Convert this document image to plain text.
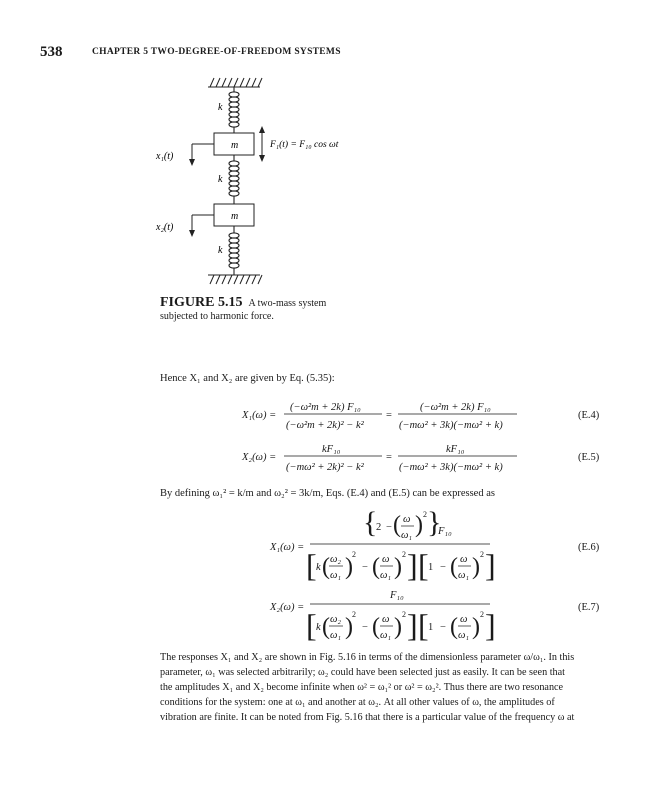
538	CHAPTER 5 TWO-DEGREE-OF-FREEDOM SYSTEMS
k
m
x₁(t)
F₁(t) = F₁₀ cos ωt
k
m
x₂(t)
k
FIGURE 5.15 A two-mass system
subjected to harmonic force.
Hence X₁ and X₂ are given by Eq. (5.35):
X₁(ω) =
(−ω²m + 2k) F₁₀
(−ω²m + 2k)² − k²
=
(−ω²m + 2k) F₁₀
(−mω² + 3k)(−mω² + k)
(E.4)
X₂(ω) =
kF₁₀
(−mω² + 2k)² − k²
=
kF₁₀
(−mω² + 3k)(−mω² + k)
(E.5)
By defining ω₁² = k/m and ω₂² = 3k/m, Eqs. (E.4) and (E.5) can be expressed as
X₁(ω) =
{
2 − ( ω
ω₁ ) 2 }
F₁₀
[ k ( ω₂
ω₁ ) 2
− ( ω
ω₁ ) 2 ] [ 1 − ( ω
ω₁ ) 2 ]	(E.6)
X₂(ω) =
F₁₀
[ k ( ω₂
ω₁ ) 2
− ( ω
ω₁ ) 2 ] [ 1 − ( ω
ω₁ ) 2 ]	(E.7)
The responses X₁ and X₂ are shown in Fig. 5.16 in terms of the dimensionless parameter ω/ω₁. In this
parameter, ω₁ was selected arbitrarily; ω₂ could have been selected just as easily. It can be seen that
the amplitudes X₁ and X₂ become infinite when ω² = ω₁² or ω² = ω₂². Thus there are two resonance
conditions for the system: one at ω₁ and another at ω₂. At all other values of ω, the amplitudes of
vibration are finite. It can be noted from Fig. 5.16 that there is a particular value of the frequency ω at
